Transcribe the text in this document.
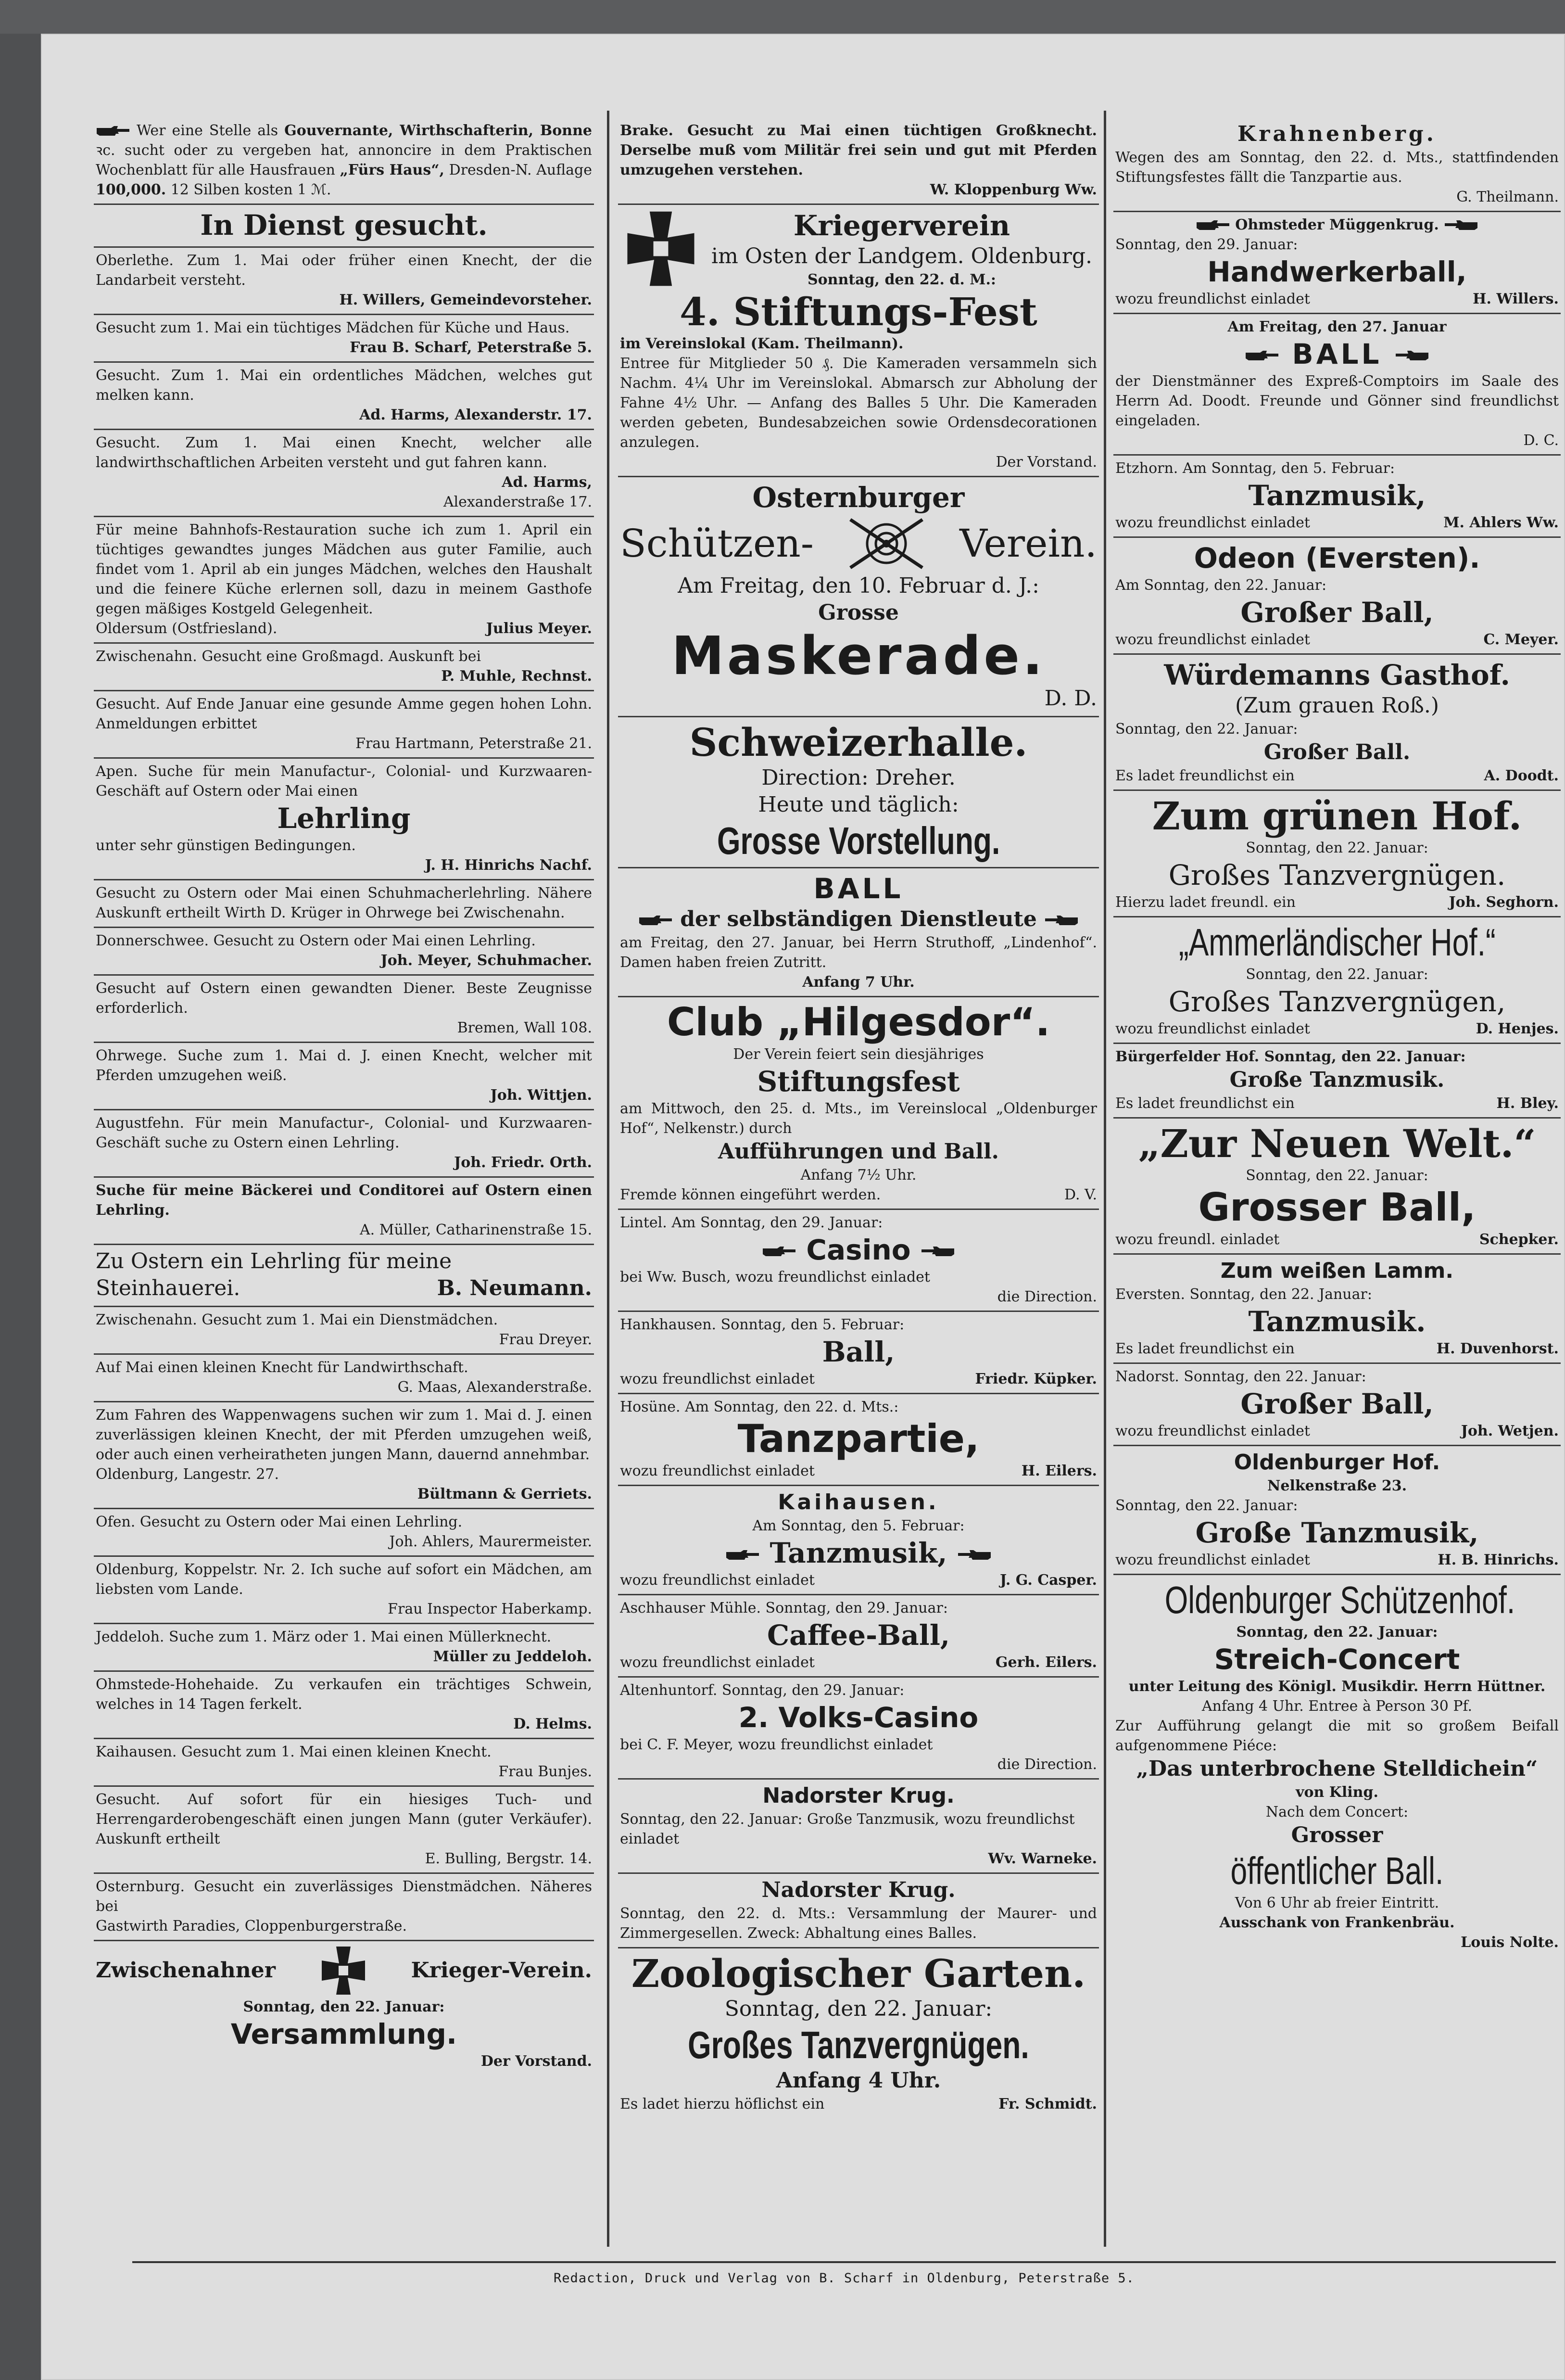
Wer eine Stelle als Gouvernante, Wirthschafterin, Bonne ꝛc. sucht oder zu vergeben hat, annoncire in dem Praktischen Wochenblatt für alle Hausfrauen „Fürs Haus“, Dresden-N. Auflage 100,000. 12 Silben kosten 1 ℳ.
In Dienst gesucht.
Oberlethe. Zum 1. Mai oder früher einen Knecht, der die Landarbeit versteht.
H. Willers, Gemeindevorsteher.
Gesucht zum 1. Mai ein tüchtiges Mädchen für Küche und Haus.
Frau B. Scharf, Peterstraße 5.
Gesucht. Zum 1. Mai ein ordentliches Mädchen, welches gut melken kann.
Ad. Harms, Alexanderstr. 17.
Gesucht. Zum 1. Mai einen Knecht, welcher alle landwirthschaftlichen Arbeiten versteht und gut fahren kann.
Ad. Harms,
Alexanderstraße 17.
Für meine Bahnhofs-Restauration suche ich zum 1. April ein tüchtiges gewandtes junges Mädchen aus guter Familie, auch findet vom 1. April ab ein junges Mädchen, welches den Haushalt und die feinere Küche erlernen soll, dazu in meinem Gasthofe gegen mäßiges Kostgeld Gelegenheit.
Oldersum (Ostfriesland).	Julius Meyer.
Zwischenahn. Gesucht eine Großmagd. Auskunft bei
P. Muhle, Rechnst.
Gesucht. Auf Ende Januar eine gesunde Amme gegen hohen Lohn. Anmeldungen erbittet
Frau Hartmann, Peterstraße 21.
Apen. Suche für mein Manufactur-, Colonial- und Kurzwaaren-Geschäft auf Ostern oder Mai einen
Lehrling
unter sehr günstigen Bedingungen.
J. H. Hinrichs Nachf.
Gesucht zu Ostern oder Mai einen Schuhmacherlehrling. Nähere Auskunft ertheilt Wirth D. Krüger in Ohrwege bei Zwischenahn.
Donnerschwee. Gesucht zu Ostern oder Mai einen Lehrling.
Joh. Meyer, Schuhmacher.
Gesucht auf Ostern einen gewandten Diener. Beste Zeugnisse erforderlich.
Bremen, Wall 108.
Ohrwege. Suche zum 1. Mai d. J. einen Knecht, welcher mit Pferden umzugehen weiß.
Joh. Wittjen.
Augustfehn. Für mein Manufactur-, Colonial- und Kurzwaaren-Geschäft suche zu Ostern einen Lehrling.
Joh. Friedr. Orth.
Suche für meine Bäckerei und Conditorei auf Ostern einen Lehrling.
A. Müller, Catharinenstraße 15.
Zu Ostern ein Lehrling für meine
Steinhauerei.	B. Neumann.
Zwischenahn. Gesucht zum 1. Mai ein Dienstmädchen.
Frau Dreyer.
Auf Mai einen kleinen Knecht für Landwirthschaft.
G. Maas, Alexanderstraße.
Zum Fahren des Wappenwagens suchen wir zum 1. Mai d. J. einen zuverlässigen kleinen Knecht, der mit Pferden umzugehen weiß, oder auch einen verheiratheten jungen Mann, dauernd annehmbar.
Oldenburg, Langestr. 27.
Bültmann & Gerriets.
Ofen. Gesucht zu Ostern oder Mai einen Lehrling.
Joh. Ahlers, Maurermeister.
Oldenburg, Koppelstr. Nr. 2. Ich suche auf sofort ein Mädchen, am liebsten vom Lande.
Frau Inspector Haberkamp.
Jeddeloh. Suche zum 1. März oder 1. Mai einen Müllerknecht.
Müller zu Jeddeloh.
Ohmstede-Hohehaide. Zu verkaufen ein trächtiges Schwein, welches in 14 Tagen ferkelt.
D. Helms.
Kaihausen. Gesucht zum 1. Mai einen kleinen Knecht.
Frau Bunjes.
Gesucht. Auf sofort für ein hiesiges Tuch- und Herrengarderobengeschäft einen jungen Mann (guter Verkäufer). Auskunft ertheilt
E. Bulling, Bergstr. 14.
Osternburg. Gesucht ein zuverlässiges Dienstmädchen. Näheres bei
Gastwirth Paradies, Cloppenburgerstraße.
Zwischenahner	Krieger-Verein.
Sonntag, den 22. Januar:
Versammlung.
Der Vorstand.
Brake. Gesucht zu Mai einen tüchtigen Großknecht. Derselbe muß vom Militär frei sein und gut mit Pferden umzugehen verstehen.
W. Kloppenburg Ww.
Kriegerverein
im Osten der Landgem. Oldenburg.
Sonntag, den 22. d. M.:
4. Stiftungs-Fest
im Vereinslokal (Kam. Theilmann).
Entree für Mitglieder 50 ₰. Die Kameraden versammeln sich Nachm. 4¼ Uhr im Vereinslokal. Abmarsch zur Abholung der Fahne 4½ Uhr. — Anfang des Balles 5 Uhr. Die Kameraden werden gebeten, Bundesabzeichen sowie Ordensdecorationen anzulegen.
Der Vorstand.
Osternburger
Schützen-	Verein.
Am Freitag, den 10. Februar d. J.:
Grosse
Maskerade.
D. D.
Schweizerhalle.
Direction: Dreher.
Heute und täglich:
Grosse Vorstellung.
BALL
der selbständigen Dienstleute
am Freitag, den 27. Januar, bei Herrn Struthoff, „Lindenhof“. Damen haben freien Zutritt.
Anfang 7 Uhr.
Club „Hilgesdor“.
Der Verein feiert sein diesjähriges
Stiftungsfest
am Mittwoch, den 25. d. Mts., im Vereinslocal „Oldenburger Hof“, Nelkenstr.) durch
Aufführungen und Ball.
Anfang 7½ Uhr.
Fremde können eingeführt werden.	D. V.
Lintel. Am Sonntag, den 29. Januar:
Casino
bei Ww. Busch, wozu freundlichst einladet
die Direction.
Hankhausen. Sonntag, den 5. Februar:
Ball,
wozu freundlichst einladet	Friedr. Küpker.
Hosüne. Am Sonntag, den 22. d. Mts.:
Tanzpartie,
wozu freundlichst einladet	H. Eilers.
Kaihausen.
Am Sonntag, den 5. Februar:
Tanzmusik,
wozu freundlichst einladet	J. G. Casper.
Aschhauser Mühle. Sonntag, den 29. Januar:
Caffee-Ball,
wozu freundlichst einladet	Gerh. Eilers.
Altenhuntorf. Sonntag, den 29. Januar:
2. Volks-Casino
bei C. F. Meyer, wozu freundlichst einladet
die Direction.
Nadorster Krug.
Sonntag, den 22. Januar: Große Tanzmusik, wozu freundlichst einladet
Wv. Warneke.
Nadorster Krug.
Sonntag, den 22. d. Mts.: Versammlung der Maurer- und Zimmergesellen. Zweck: Abhaltung eines Balles.
Zoologischer Garten.
Sonntag, den 22. Januar:
Großes Tanzvergnügen.
Anfang 4 Uhr.
Es ladet hierzu höflichst ein	Fr. Schmidt.
Krahnenberg.
Wegen des am Sonntag, den 22. d. Mts., stattfindenden Stiftungsfestes fällt die Tanzpartie aus.
G. Theilmann.
Ohmsteder Müggenkrug.
Sonntag, den 29. Januar:
Handwerkerball,
wozu freundlichst einladet	H. Willers.
Am Freitag, den 27. Januar
BALL
der Dienstmänner des Expreß-Comptoirs im Saale des Herrn Ad. Doodt. Freunde und Gönner sind freundlichst eingeladen.
D. C.
Etzhorn. Am Sonntag, den 5. Februar:
Tanzmusik,
wozu freundlichst einladet	M. Ahlers Ww.
Odeon (Eversten).
Am Sonntag, den 22. Januar:
Großer Ball,
wozu freundlichst einladet	C. Meyer.
Würdemanns Gasthof.
(Zum grauen Roß.)
Sonntag, den 22. Januar:
Großer Ball.
Es ladet freundlichst ein	A. Doodt.
Zum grünen Hof.
Sonntag, den 22. Januar:
Großes Tanzvergnügen.
Hierzu ladet freundl. ein	Joh. Seghorn.
„Ammerländischer Hof.“
Sonntag, den 22. Januar:
Großes Tanzvergnügen,
wozu freundlichst einladet	D. Henjes.
Bürgerfelder Hof. Sonntag, den 22. Januar:
Große Tanzmusik.
Es ladet freundlichst ein	H. Bley.
„Zur Neuen Welt.“
Sonntag, den 22. Januar:
Grosser Ball,
wozu freundl. einladet	Schepker.
Zum weißen Lamm.
Eversten. Sonntag, den 22. Januar:
Tanzmusik.
Es ladet freundlichst ein	H. Duvenhorst.
Nadorst. Sonntag, den 22. Januar:
Großer Ball,
wozu freundlichst einladet	Joh. Wetjen.
Oldenburger Hof.
Nelkenstraße 23.
Sonntag, den 22. Januar:
Große Tanzmusik,
wozu freundlichst einladet	H. B. Hinrichs.
Oldenburger Schützenhof.
Sonntag, den 22. Januar:
Streich-Concert
unter Leitung des Königl. Musikdir. Herrn Hüttner.
Anfang 4 Uhr. Entree à Person 30 Pf.
Zur Aufführung gelangt die mit so großem Beifall aufgenommene Piéce:
„Das unterbrochene Stelldichein“
von Kling.
Nach dem Concert:
Grosser
öffentlicher Ball.
Von 6 Uhr ab freier Eintritt.
Ausschank von Frankenbräu.
Louis Nolte.
Redaction, Druck und Verlag von B. Scharf in Oldenburg, Peterstraße 5.
